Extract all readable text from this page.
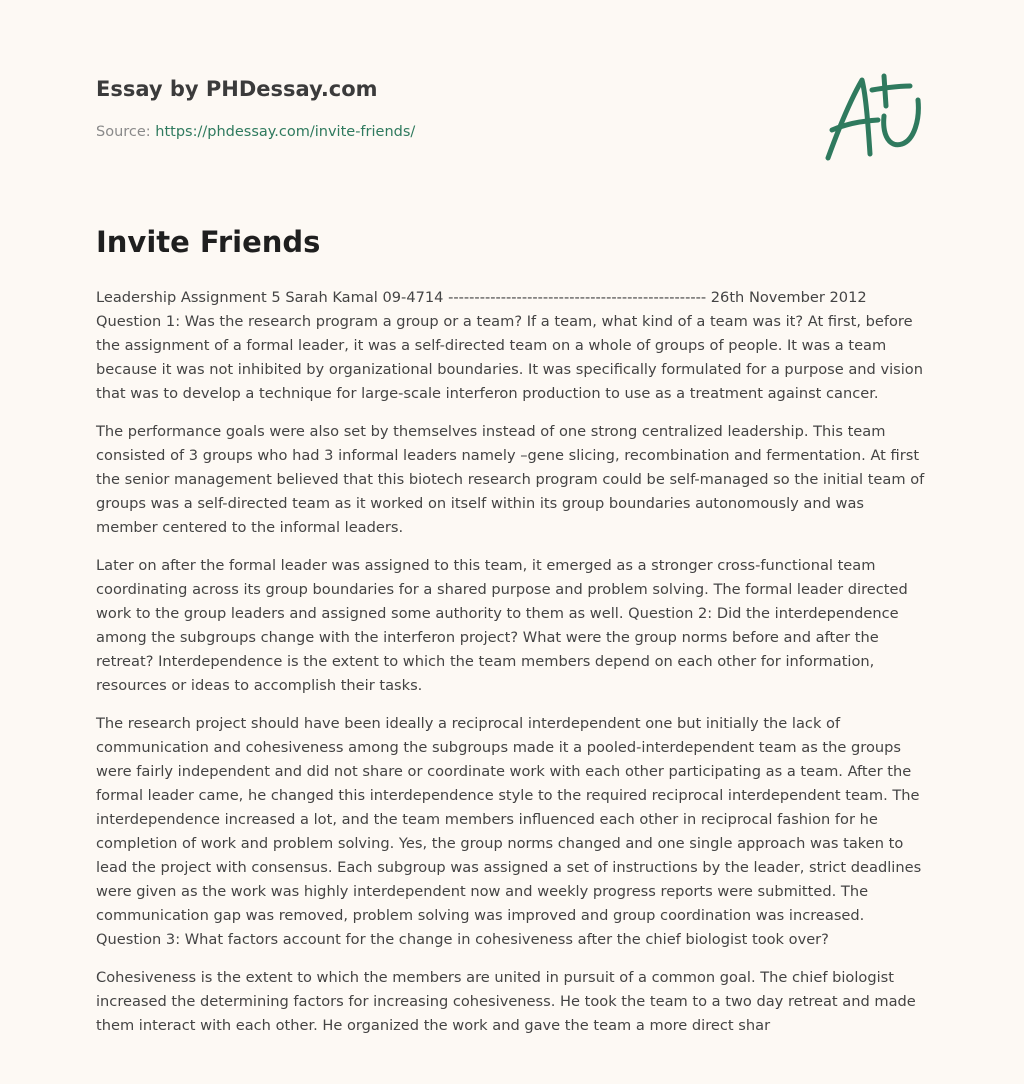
Essay by PHDessay.com
Source: https://phdessay.com/invite-friends/
Invite Friends

Leadership Assignment 5 Sarah Kamal 09-4714 ------------------------------------------------- 26th November 2012 Question 1: Was the research program a group or a team? If a team, what kind of a team was it? At first, before the assignment of a formal leader, it was a self-directed team on a whole of groups of people. It was a team because it was not inhibited by organizational boundaries. It was specifically formulated for a purpose and vision that was to develop a technique for large-scale interferon production to use as a treatment against cancer.

The performance goals were also set by themselves instead of one strong centralized leadership. This team consisted of 3 groups who had 3 informal leaders namely –gene slicing, recombination and fermentation. At first the senior management believed that this biotech research program could be self-managed so the initial team of groups was a self-directed team as it worked on itself within its group boundaries autonomously and was member centered to the informal leaders.

Later on after the formal leader was assigned to this team, it emerged as a stronger cross-functional team coordinating across its group boundaries for a shared purpose and problem solving. The formal leader directed work to the group leaders and assigned some authority to them as well. Question 2: Did the interdependence among the subgroups change with the interferon project? What were the group norms before and after the retreat? Interdependence is the extent to which the team members depend on each other for information, resources or ideas to accomplish their tasks.

The research project should have been ideally a reciprocal interdependent one but initially the lack of communication and cohesiveness among the subgroups made it a pooled-interdependent team as the groups were fairly independent and did not share or coordinate work with each other participating as a team. After the formal leader came, he changed this interdependence style to the required reciprocal interdependent team. The interdependence increased a lot, and the team members influenced each other in reciprocal fashion for he completion of work and problem solving. Yes, the group norms changed and one single approach was taken to lead the project with consensus. Each subgroup was assigned a set of instructions by the leader, strict deadlines were given as the work was highly interdependent now and weekly progress reports were submitted. The communication gap was removed, problem solving was improved and group coordination was increased. Question 3: What factors account for the change in cohesiveness after the chief biologist took over?

Cohesiveness is the extent to which the members are united in pursuit of a common goal. The chief biologist increased the determining factors for increasing cohesiveness. He took the team to a two day retreat and made them interact with each other. He organized the work and gave the team a more direct shar
